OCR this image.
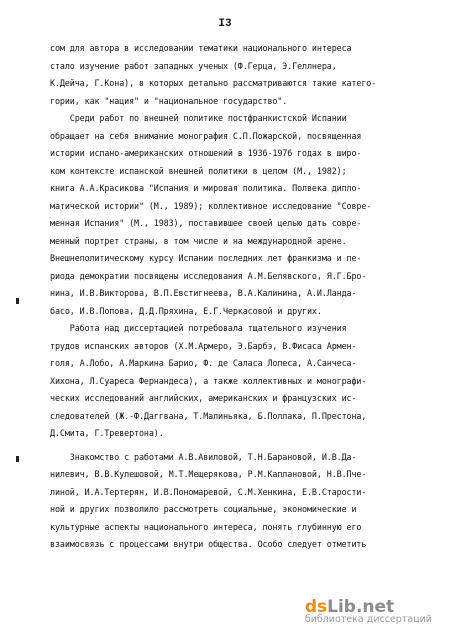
I3
сом для автора в исследовании тематики национального интереса
стало изучение работ западных ученых (Ф.Герца, Э.Геллнера,
К.Дейча, Г.Кона), в которых детально рассматриваются такие катего-
гории, как "нация" и "национальное государство".
Среди работ по внешней политике постфранкистской Испании
обращает на себя внимание монография С.П.Пожарской, посвященная
истории испано-американских отношений в 1936-1976 годах в широ-
ком контексте испанской внешней политики в целом (М., 1982);
книга А.А.Красикова "Испания и мировая политика. Полвека дипло-
матической истории" (М., 1989); коллективное исследование "Совре-
менная Испания" (М., 1983), поставившее своей целью дать совре-
менный портрет страны, в том числе и на международной арене.
Внешнеполитическому курсу Испании последних лет франкизма и пе-
риода демократии посвящены исследования А.М.Белявского, Я.Г.Бро-
нина, И.В.Викторова, В.П.Евстигнеева, В.А.Калинина, А.И.Ландa-
басо, И.В.Попова, Д.Д.Пряхина, Е.Г.Черкасовой и других.
Работа над диссертацией потребовала тщательного изучения
трудов испанских авторов (Х.М.Армеро, Э.Барбэ, В.Фисаса Армен-
голя, А.Лобо, А.Маркина Барио, Ф. де Салаcа Лопеса, А.Санчеса-
Хихона, Л.Суареса Фернандеса), а также коллективных и монографи-
ческих исследований английских, американских и французских ис-
следователей (Ж.-Ф.Даггвана, Т.Малиньяка, Б.Поллака, П.Престона,
Д.Смита, Г.Тревертона).
Знакомство с работами А.В.Авиловой, Т.Н.Барановой, И.В.Да-
нилевич, В.В.Кулешовой, М.Т.Мещерякова, Р.М.Каплановой, Н.В.Пче-
линой, И.А.Тертерян, И.В.Пономаревой, С.М.Хенкина, Е.В.Старости-
ной и других позволило рассмотреть социальные, экономические и
культурные аспекты национального интереса, понять глубинную его
взаимосвязь с процессами внутри общества. Особо следует отметить
ds Lib.net
библиотека диссертаций
